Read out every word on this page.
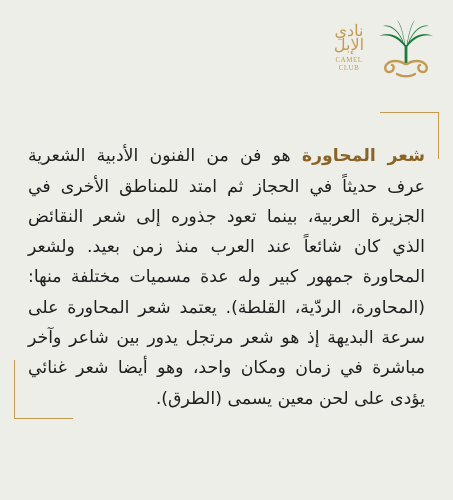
نادي الإبل
CAMEL CLUB

شعر المحاورة هو فن من الفنون الأدبية الشعرية عرف حديثاً في الحجاز ثم امتد للمناطق الأخرى في الجزيرة العربية، بينما تعود جذوره إلى شعر النقائض الذي كان شائعاً عند العرب منذ زمن بعيد. ولشعر المحاورة جمهور كبير وله عدة مسميات مختلفة منها: (المحاورة، الردّية، القلطة). يعتمد شعر المحاورة على سرعة البديهة إذ هو شعر مرتجل يدور بين شاعر وآخر مباشرة في زمان ومكان واحد، وهو أيضا شعر غنائي يؤدى على لحن معين يسمى (الطرق).
